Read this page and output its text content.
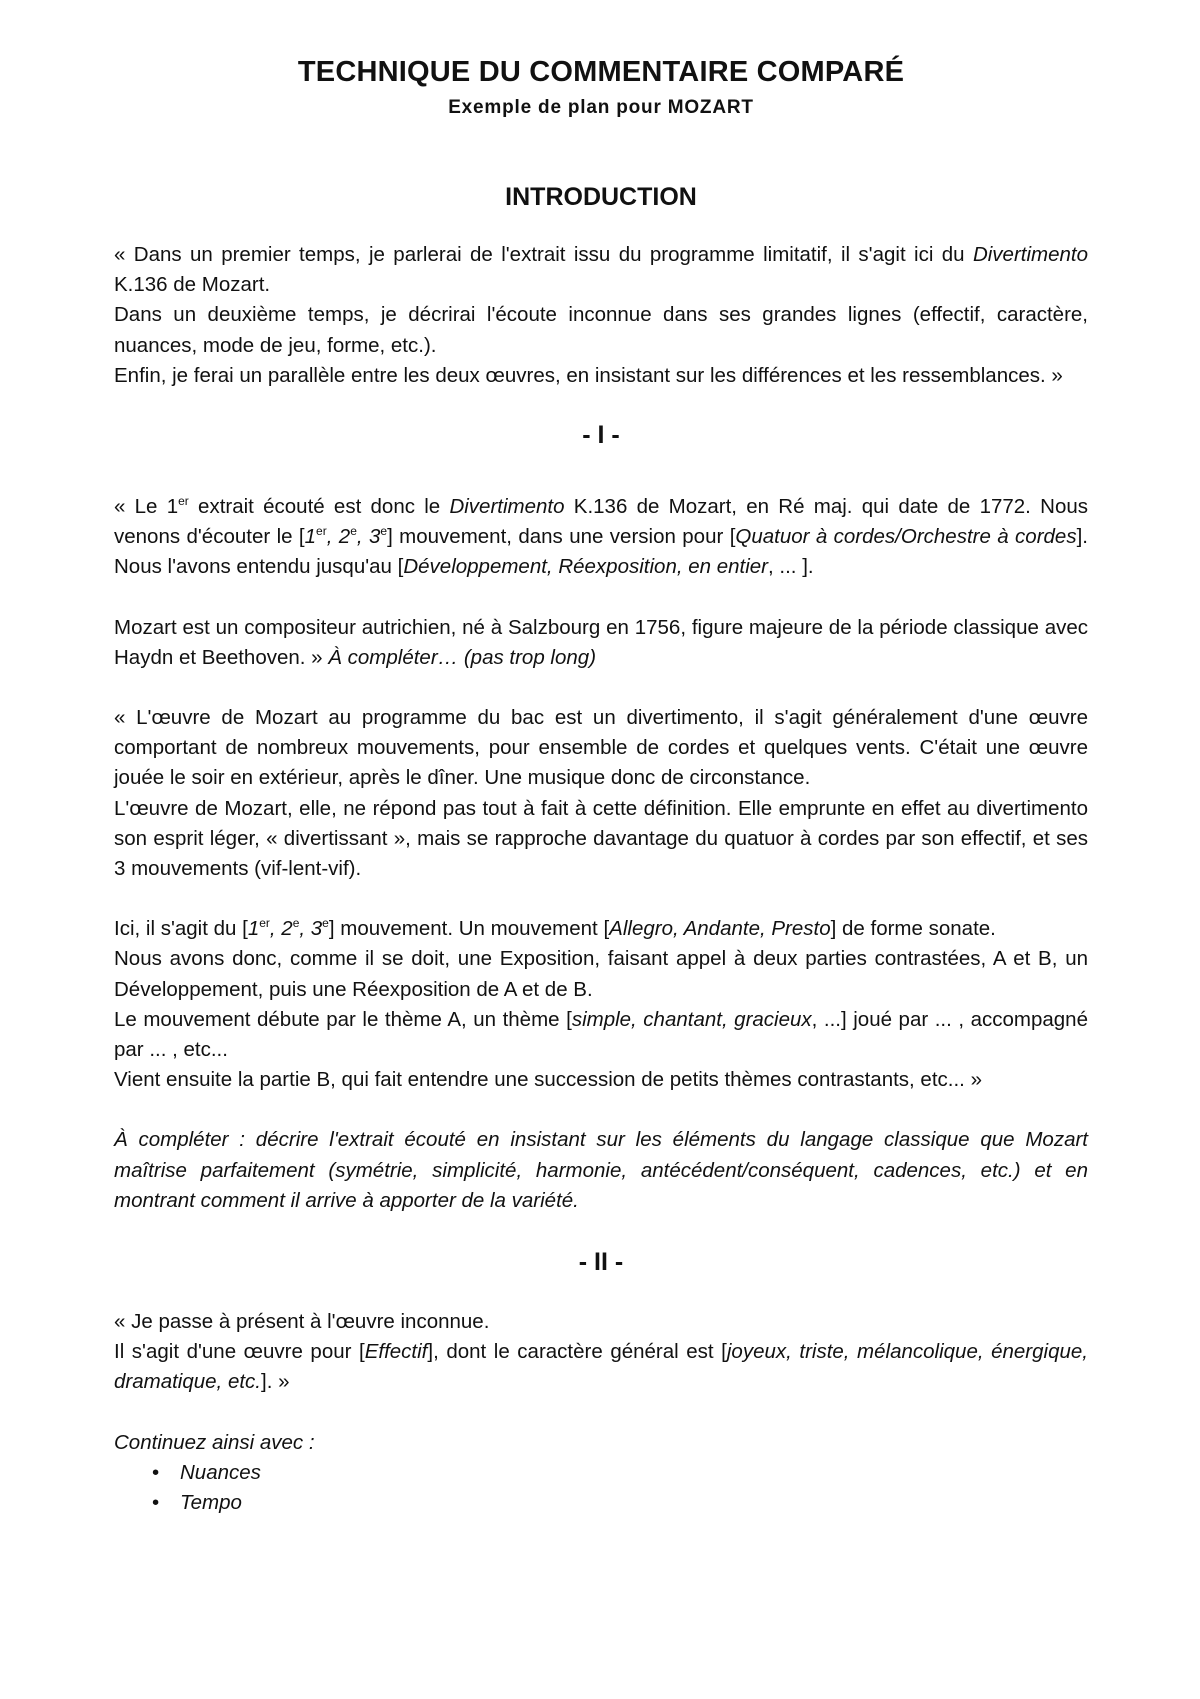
TECHNIQUE DU COMMENTAIRE COMPARÉ
Exemple de plan pour MOZART
INTRODUCTION

« Dans un premier temps, je parlerai de l'extrait issu du programme limitatif, il s'agit ici du Divertimento K.136 de Mozart.

Dans un deuxième temps, je décrirai l'écoute inconnue dans ses grandes lignes (effectif, caractère, nuances, mode de jeu, forme, etc.).

Enfin, je ferai un parallèle entre les deux œuvres, en insistant sur les différences et les ressemblances. »

- I -

« Le 1er extrait écouté est donc le Divertimento K.136 de Mozart, en Ré maj. qui date de 1772. Nous venons d'écouter le [1er, 2e, 3e] mouvement, dans une version pour [Quatuor à cordes/Orchestre à cordes]. Nous l'avons entendu jusqu'au [Développement, Réexposition, en entier, ... ].

Mozart est un compositeur autrichien, né à Salzbourg en 1756, figure majeure de la période classique avec Haydn et Beethoven. » À compléter… (pas trop long)

« L'œuvre de Mozart au programme du bac est un divertimento, il s'agit généralement d'une œuvre comportant de nombreux mouvements, pour ensemble de cordes et quelques vents. C'était une œuvre jouée le soir en extérieur, après le dîner. Une musique donc de circonstance.

L'œuvre de Mozart, elle, ne répond pas tout à fait à cette définition. Elle emprunte en effet au divertimento son esprit léger, « divertissant », mais se rapproche davantage du quatuor à cordes par son effectif, et ses 3 mouvements (vif-lent-vif).

Ici, il s'agit du [1er, 2e, 3e] mouvement. Un mouvement [Allegro, Andante, Presto] de forme sonate.

Nous avons donc, comme il se doit, une Exposition, faisant appel à deux parties contrastées, A et B, un Développement, puis une Réexposition de A et de B.

Le mouvement débute par le thème A, un thème [simple, chantant, gracieux, ...] joué par ... , accompagné par ... , etc...

Vient ensuite la partie B, qui fait entendre une succession de petits thèmes contrastants, etc... »

À compléter : décrire l'extrait écouté en insistant sur les éléments du langage classique que Mozart maîtrise parfaitement (symétrie, simplicité, harmonie, antécédent/conséquent, cadences, etc.) et en montrant comment il arrive à apporter de la variété.

- II -

« Je passe à présent à l'œuvre inconnue.

Il s'agit d'une œuvre pour [Effectif], dont le caractère général est [joyeux, triste, mélancolique, énergique, dramatique, etc.]. »

Continuez ainsi avec :

• Nuances
• Tempo
